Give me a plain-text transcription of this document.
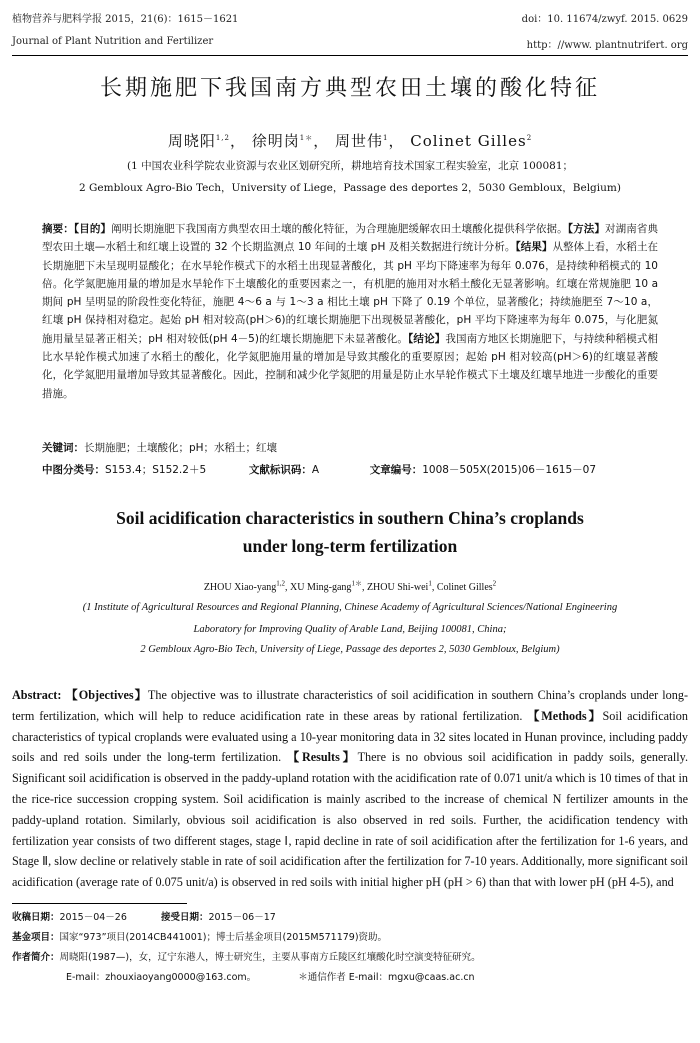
植物营养与肥料学报 2015，21(6)：1615－1621	doi：10. 11674/zwyf. 2015. 0629
Journal of Plant Nutrition and Fertilizer	http：//www. plantnutrifert. org
长期施肥下我国南方典型农田土壤的酸化特征
周晓阳$^{1,2}$， 徐明岗$^{1*}$， 周世伟$^1$， Colinet Gilles$^2$
(1 中国农业科学院农业资源与农业区划研究所，耕地培育技术国家工程实验室，北京 100081；
2 Gembloux Agro-Bio Tech，University of Liege，Passage des deportes 2，5030 Gembloux，Belgium)
摘要：【目的】阐明长期施肥下我国南方典型农田土壤的酸化特征，为合理施肥缓解农田土壤酸化提供科学依据。【方法】对湖南省典型农田土壤—水稻土和红壤上设置的 32 个长期监测点 10 年间的土壤 pH 及相关数据进行统计分析。【结果】从整体上看，水稻土在长期施肥下未呈现明显酸化；在水旱轮作模式下的水稻土出现显著酸化，其 pH 平均下降速率为每年 0.076，是持续种稻模式的 10 倍。化学氮肥施用量的增加是水旱轮作下土壤酸化的重要因素之一，有机肥的施用对水稻土酸化无显著影响。红壤在常规施肥 10 a 期间 pH 呈明显的阶段性变化特征，施肥 4～6 a 与 1～3 a 相比土壤 pH 下降了 0.19 个单位，显著酸化；持续施肥至 7～10 a，红壤 pH 保持相对稳定。起始 pH 相对较高(pH＞6)的红壤长期施肥下出现极显著酸化，pH 平均下降速率为每年 0.075，与化肥氮施用量呈显著正相关；pH 相对较低(pH 4－5)的红壤长期施肥下未显著酸化。【结论】我国南方地区长期施肥下，与持续种稻模式相比水旱轮作模式加速了水稻土的酸化，化学氮肥施用量的增加是导致其酸化的重要原因；起始 pH 相对较高(pH＞6)的红壤显著酸化，化学氮肥用量增加导致其显著酸化。因此，控制和减少化学氮肥的用量是防止水旱轮作模式下土壤及红壤旱地进一步酸化的重要措施。
关键词：长期施肥；土壤酸化；pH；水稻土；红壤
中图分类号：S153.4；S152.2＋5	文献标识码：A	文章编号：1008－505X(2015)06－1615－07
Soil acidification characteristics in southern China’s croplands
under long-term fertilization
ZHOU Xiao-yang$^{1,2}$, XU Ming-gang$^{1*}$, ZHOU Shi-wei$^1$, Colinet Gilles$^2$
(1 Institute of Agricultural Resources and Regional Planning, Chinese Academy of Agricultural Sciences/National Engineering
Laboratory for Improving Quality of Arable Land, Beijing 100081, China;
2 Gembloux Agro-Bio Tech, University of Liege, Passage des deportes 2, 5030 Gembloux, Belgium)
Abstract: 【Objectives】The objective was to illustrate characteristics of soil acidification in southern China’s croplands under long-term fertilization, which will help to reduce acidification rate in these areas by rational fertilization. 【Methods】Soil acidification characteristics of typical croplands were evaluated using a 10-year monitoring data in 32 sites located in Hunan province, including paddy soils and red soils under the long-term fertilization. 【Results】There is no obvious soil acidification in paddy soils, generally. Significant soil acidification is observed in the paddy-upland rotation with the acidification rate of 0.071 unit/a which is 10 times of that in the rice-rice succession cropping system. Soil acidification is mainly ascribed to the increase of chemical N fertilizer amounts in the paddy-upland rotation. Similarly, obvious soil acidification is also observed in red soils. Further, the acidification tendency with fertilization year consists of two different stages, stage Ⅰ, rapid decline in rate of soil acidification after the fertilization for 1-6 years, and Stage Ⅱ, slow decline or relatively stable in rate of soil acidification after the fertilization for 7-10 years. Additionally, more significant soil acidification (average rate of 0.075 unit/a) is observed in red soils with initial higher pH (pH > 6) than that with lower pH (pH 4-5), and
收稿日期：2015－04－26	接受日期：2015－06－17
基金项目：国家“973”项目(2014CB441001)；博士后基金项目(2015M571179)资助。
作者简介：周晓阳(1987—)，女，辽宁东港人，博士研究生，主要从事南方丘陵区红壤酸化时空演变特征研究。
E-mail：zhouxiaoyang0000@163.com。	＊通信作者 E-mail：mgxu@caas.ac.cn
